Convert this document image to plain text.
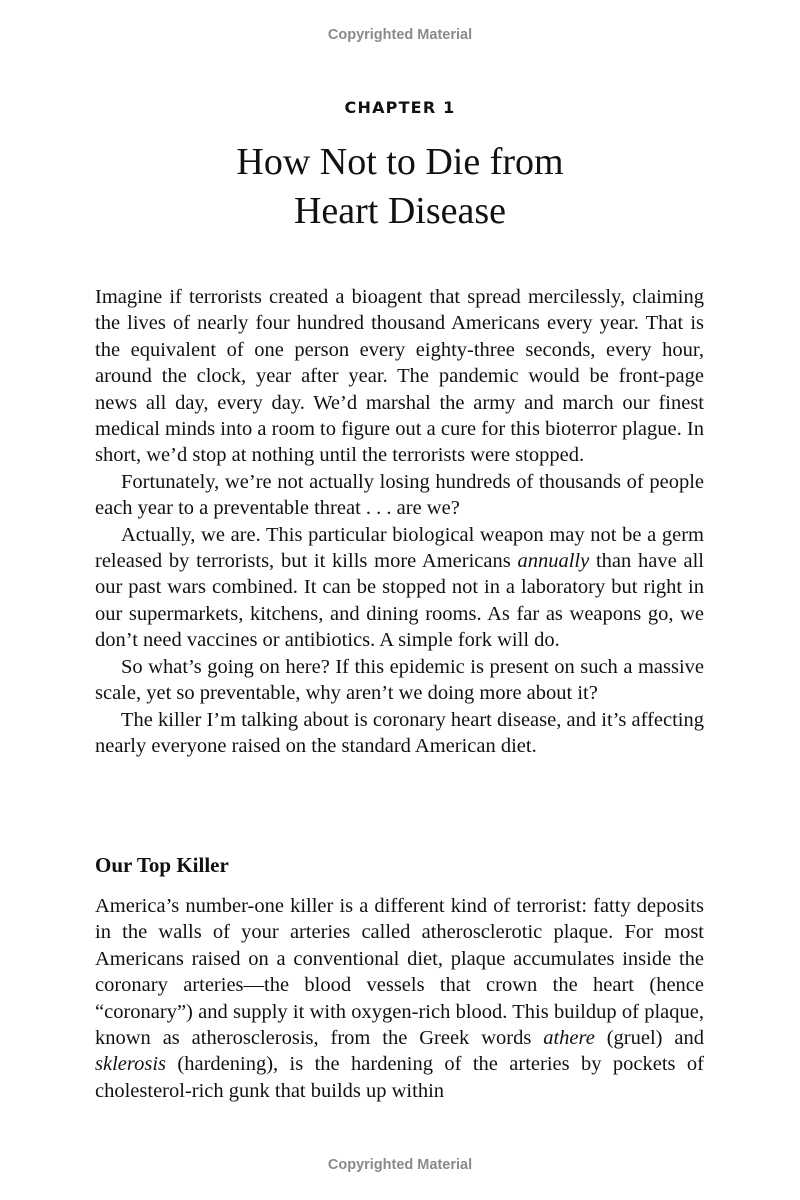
Copyrighted Material
CHAPTER 1
How Not to Die from
Heart Disease

Imagine if terrorists created a bioagent that spread mercilessly, claiming the lives of nearly four hundred thousand Americans every year. That is the equivalent of one person every eighty-three seconds, every hour, around the clock, year after year. The pandemic would be front-page news all day, every day. We’d marshal the army and march our finest medical minds into a room to figure out a cure for this bioterror plague. In short, we’d stop at nothing until the terrorists were stopped.

Fortunately, we’re not actually losing hundreds of thousands of people each year to a preventable threat . . . are we?

Actually, we are. This particular biological weapon may not be a germ released by terrorists, but it kills more Americans annually than have all our past wars combined. It can be stopped not in a laboratory but right in our supermarkets, kitchens, and dining rooms. As far as weapons go, we don’t need vaccines or antibiotics. A simple fork will do.

So what’s going on here? If this epidemic is present on such a massive scale, yet so preventable, why aren’t we doing more about it?

The killer I’m talking about is coronary heart disease, and it’s affecting nearly everyone raised on the standard American diet.

Our Top Killer

America’s number-one killer is a different kind of terrorist: fatty deposits in the walls of your arteries called atherosclerotic plaque. For most Americans raised on a conventional diet, plaque accumulates inside the coronary arteries—the blood vessels that crown the heart (hence “coronary”) and supply it with oxygen-rich blood. This buildup of plaque, known as atherosclerosis, from the Greek words athere (gruel) and sklerosis (hardening), is the hardening of the arteries by pockets of cholesterol-rich gunk that builds up within

Copyrighted Material
